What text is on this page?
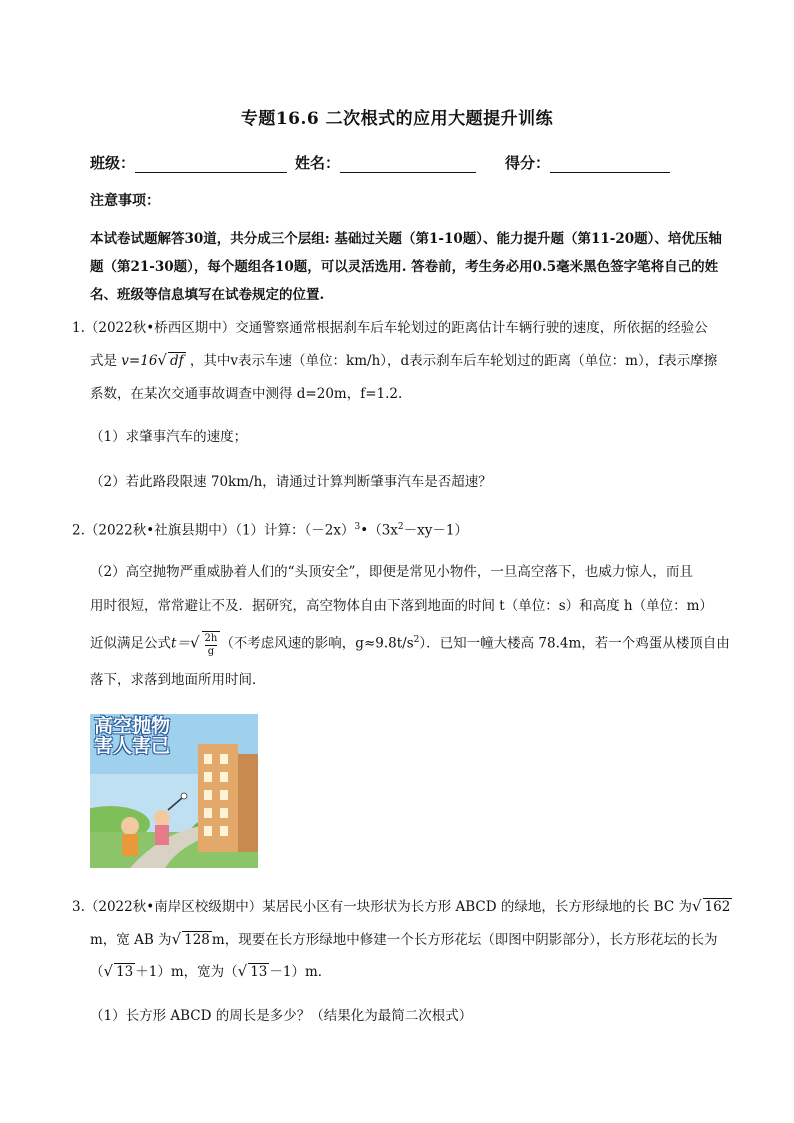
专题16.6 二次根式的应用大题提升训练
班级：	姓名：	得分：
注意事项：
本试卷试题解答30道，共分成三个层组: 基础过关题（第1-10题）、能力提升题（第11-20题）、培优压轴
题（第21-30题），每个题组各10题，可以灵活选用. 答卷前，考生务必用0.5毫米黑色签字笔将自己的姓
名、班级等信息填写在试卷规定的位置.
1.（2022秋•桥西区期中）交通警察通常根据刹车后车轮划过的距离估计车辆行驶的速度，所依据的经验公
式是 v=16√ df ，其中v表示车速（单位：km/h），d表示刹车后车轮划过的距离（单位：m），f表示摩擦
系数，在某次交通事故调查中测得 d=20m，f=1.2.
（1）求肇事汽车的速度；
（2）若此路段限速 70km/h，请通过计算判断肇事汽车是否超速？
2.（2022秋•社旗县期中）（1）计算：$(-2x)^3•(3x^2-xy-1)$
（2）高空抛物严重威胁着人们的“头顶安全”，即便是常见小物件，一旦高空落下，也威力惊人，而且
用时很短，常常避让不及．据研究，高空物体自由下落到地面的时间 t（单位：s）和高度 h（单位：m）
近似满足公式$t=√ \frac{2h}{g}$（不考虑风速的影响，$g\approx 9.8t/s^2$）．已知一幢大楼高 78.4m，若一个鸡蛋从楼顶自由
落下，求落到地面所用时间．
高空抛物
害人害己
3.（2022秋•南岸区校级期中）某居民小区有一块形状为长方形 ABCD 的绿地，长方形绿地的长 BC 为√ 162
m，宽 AB 为√ 128 m，现要在长方形绿地中修建一个长方形花坛（即图中阴影部分），长方形花坛的长为
（√ 13 ＋1）m，宽为（√ 13 －1）m．
（1）长方形 ABCD 的周长是多少？（结果化为最简二次根式）
